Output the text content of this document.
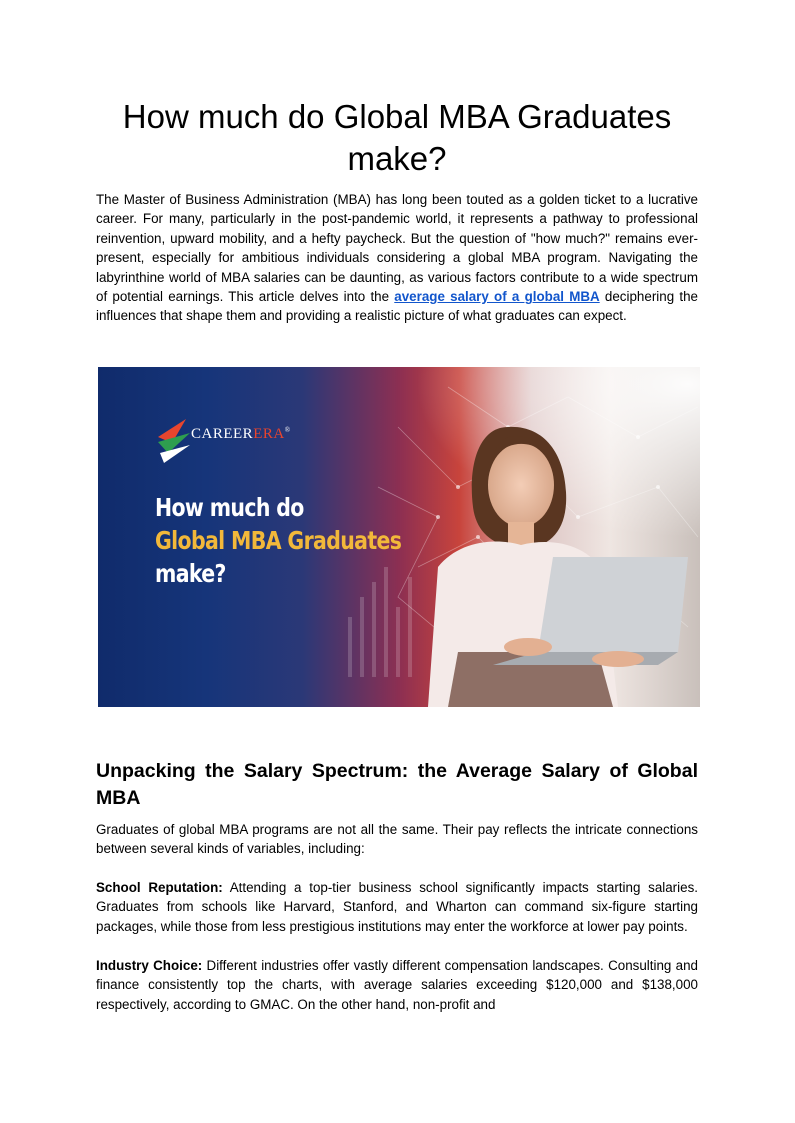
How much do Global MBA Graduates make?

The Master of Business Administration (MBA) has long been touted as a golden ticket to a lucrative career. For many, particularly in the post-pandemic world, it represents a pathway to professional reinvention, upward mobility, and a hefty paycheck. But the question of "how much?" remains ever-present, especially for ambitious individuals considering a global MBA program. Navigating the labyrinthine world of MBA salaries can be daunting, as various factors contribute to a wide spectrum of potential earnings. This article delves into the average salary of a global MBA deciphering the influences that shape them and providing a realistic picture of what graduates can expect.

CAREERERA®
How much do
Global MBA Graduates
make?
Unpacking the Salary Spectrum: the Average Salary of Global MBA

Graduates of global MBA programs are not all the same. Their pay reflects the intricate connections between several kinds of variables, including:

School Reputation: Attending a top-tier business school significantly impacts starting salaries. Graduates from schools like Harvard, Stanford, and Wharton can command six-figure starting packages, while those from less prestigious institutions may enter the workforce at lower pay points.

Industry Choice: Different industries offer vastly different compensation landscapes. Consulting and finance consistently top the charts, with average salaries exceeding $120,000 and $138,000 respectively, according to GMAC. On the other hand, non-profit and
